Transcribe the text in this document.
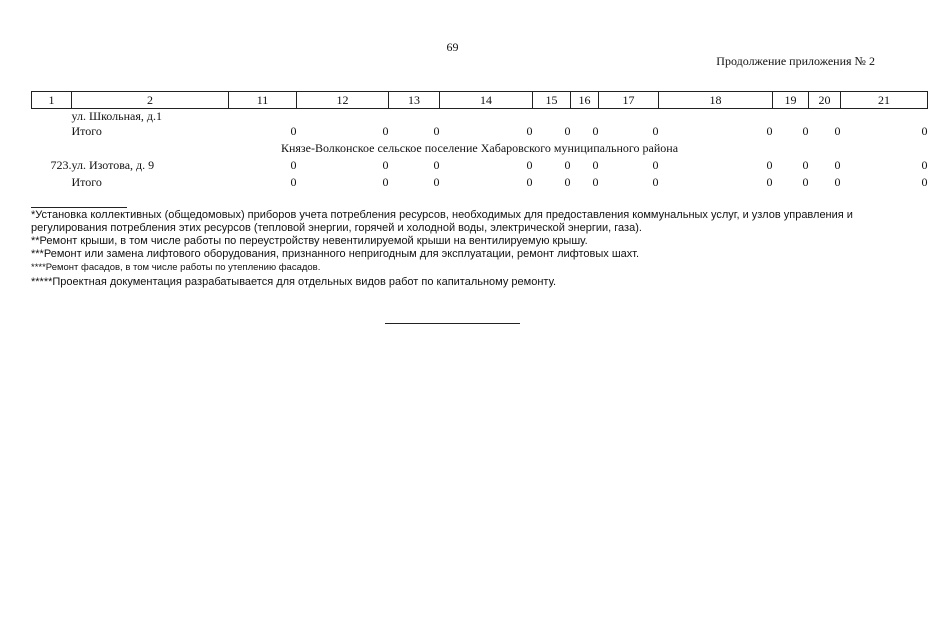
69
Продолжение приложения № 2
1	2	11	12	13	14	15	16	17	18	19	20	21
	ул. Школьная, д.1											
	Итого	0	0	0	0	0	0	0	0	0	0	0
Князе-Волконское сельское поселение Хабаровского муниципального района												
723.	ул. Изотова, д. 9	0	0	0	0	0	0	0	0	0	0	0
	Итого	0	0	0	0	0	0	0	0	0	0	0

*Установка коллективных (общедомовых) приборов учета потребления ресурсов, необходимых для предоставления коммунальных услуг, и узлов управления и регулирования потребления этих ресурсов (тепловой энергии, горячей и холодной воды, электрической энергии, газа).

**Ремонт крыши, в том числе работы по переустройству невентилируемой крыши на вентилируемую крышу.

***Ремонт или замена лифтового оборудования, признанного непригодным для эксплуатации, ремонт лифтовых шахт.

****Ремонт фасадов, в том числе работы по утеплению фасадов.

*****Проектная документация разрабатывается для отдельных видов работ по капитальному ремонту.
